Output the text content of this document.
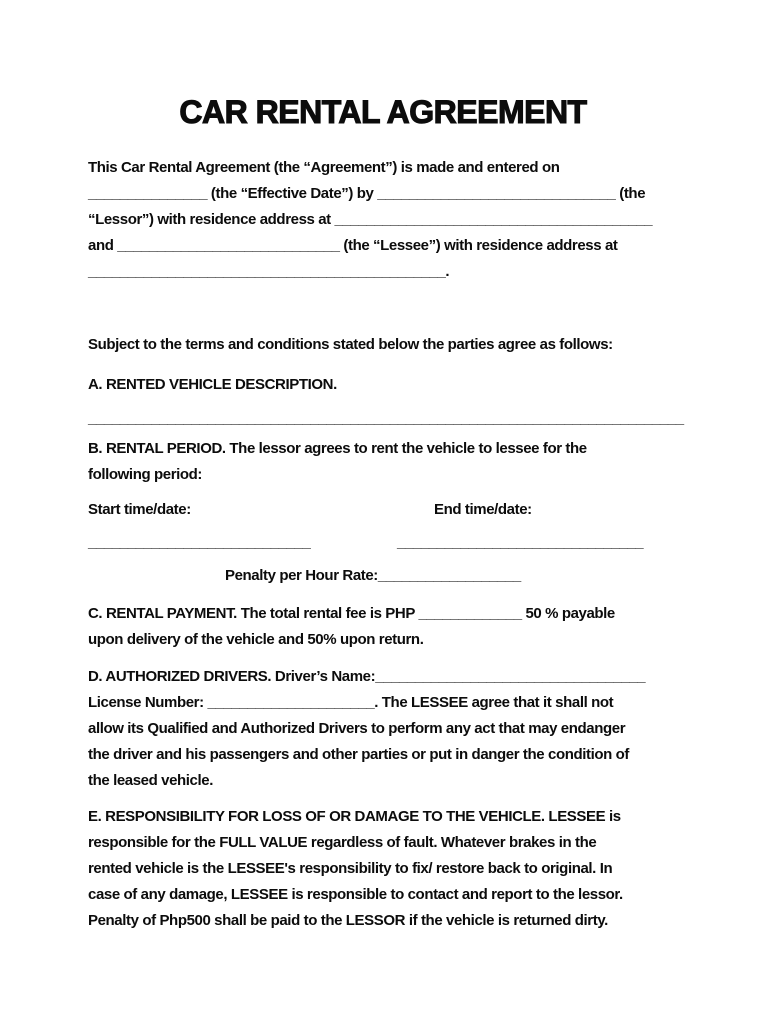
CAR RENTAL AGREEMENT
This Car Rental Agreement (the “Agreement”) is made and entered on
_______________ (the “Effective Date”) by ______________________________ (the
“Lessor”) with residence address at ________________________________________
and ____________________________ (the “Lessee”) with residence address at
_____________________________________________.
Subject to the terms and conditions stated below the parties agree as follows:
A. RENTED VEHICLE DESCRIPTION.
___________________________________________________________________________
B. RENTAL PERIOD. The lessor agrees to rent the vehicle to lessee for the
following period:
Start time/date:	End time/date:
____________________________	_______________________________
Penalty per Hour Rate:__________________
C. RENTAL PAYMENT. The total rental fee is PHP _____________ 50 % payable
upon delivery of the vehicle and 50% upon return.
D. AUTHORIZED DRIVERS. Driver’s Name:__________________________________
License Number: _____________________. The LESSEE agree that it shall not
allow its Qualified and Authorized Drivers to perform any act that may endanger
the driver and his passengers and other parties or put in danger the condition of
the leased vehicle.
E. RESPONSIBILITY FOR LOSS OF OR DAMAGE TO THE VEHICLE. LESSEE is
responsible for the FULL VALUE regardless of fault. Whatever brakes in the
rented vehicle is the LESSEE's responsibility to fix/ restore back to original. In
case of any damage, LESSEE is responsible to contact and report to the lessor.
Penalty of Php500 shall be paid to the LESSOR if the vehicle is returned dirty.
